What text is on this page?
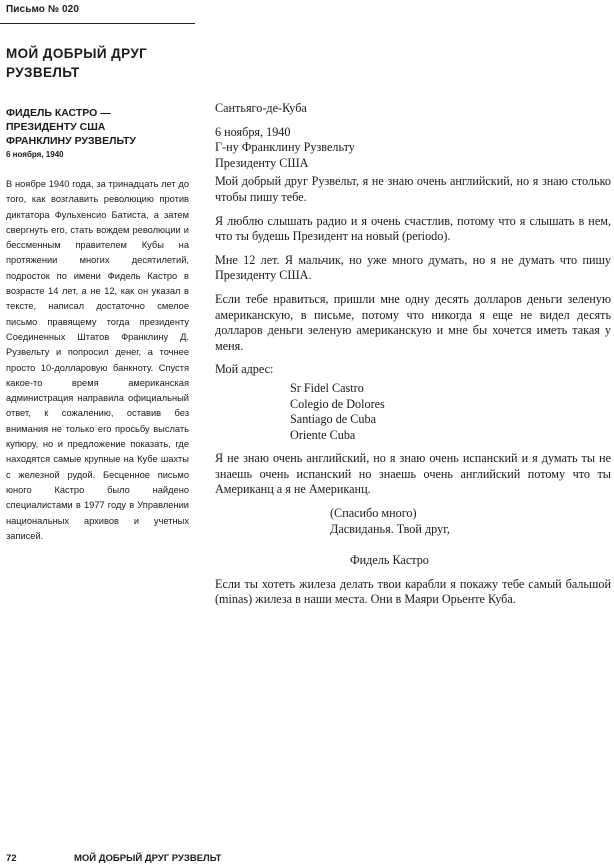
Письмо № 020
МОЙ ДОБРЫЙ ДРУГ РУЗВЕЛЬТ
ФИДЕЛЬ КАСТРО —
ПРЕЗИДЕНТУ США
ФРАНКЛИНУ РУЗВЕЛЬТУ
6 ноября, 1940
В ноябре 1940 года, за тринадцать лет до того, как возглавить революцию против диктатора Фульхенсио Батиста, а затем свергнуть его, стать вождем революции и бессменным правителем Кубы на протяжении многих десятилетий, подросток по имени Фидель Кастро в возрасте 14 лет, а не 12, как он указал в тексте, написал достаточно смелое письмо правящему тогда президенту Соединенных Штатов Франклину Д. Рузвельту и попросил денег, а точнее просто 10-долларовую банкноту. Спустя какое-то время американская администрация направила официальный ответ, к сожалению, оставив без внимания не только его просьбу выслать купюру, но и предложение показать, где находятся самые крупные на Кубе шахты с железной рудой. Бесценное письмо юного Кастро было найдено специалистами в 1977 году в Управлении национальных архивов и учетных записей.

Сантьяго-де-Куба

6 ноября, 1940

Г-ну Франклину Рузвельту

Президенту США

Мой добрый друг Рузвельт, я не знаю очень английский, но я знаю столько чтобы пишу тебе.

Я люблю слышать радио и я очень счастлив, потому что я слышать в нем, что ты будешь Президент на новый (periodo).

Мне 12 лет. Я мальчик, но уже много думать, но я не думать что пишу Президенту США.

Если тебе нравиться, пришли мне одну десять долларов деньги зеленую американскую, в письме, потому что никогда я еще не видел десять долларов деньги зеленую американскую и мне бы хочется иметь такая у меня.

Мой адрес:

Sr Fidel Castro
Colegio de Dolores
Santiago de Cuba
Oriente Cuba

Я не знаю очень английский, но я знаю очень испанский и я думать ты не знаешь очень испанский но знаешь очень английский потому что ты Американц а я не Американц.

(Спасибо много)

Дасвиданья. Твой друг,

Фидель Кастро

Если ты хотеть жилеза делать твои карабли я покажу тебе самый бальшой (minas) жилеза в наши места. Они в Маяри Орьенте Куба.

72	МОЙ ДОБРЫЙ ДРУГ РУЗВЕЛЬТ
